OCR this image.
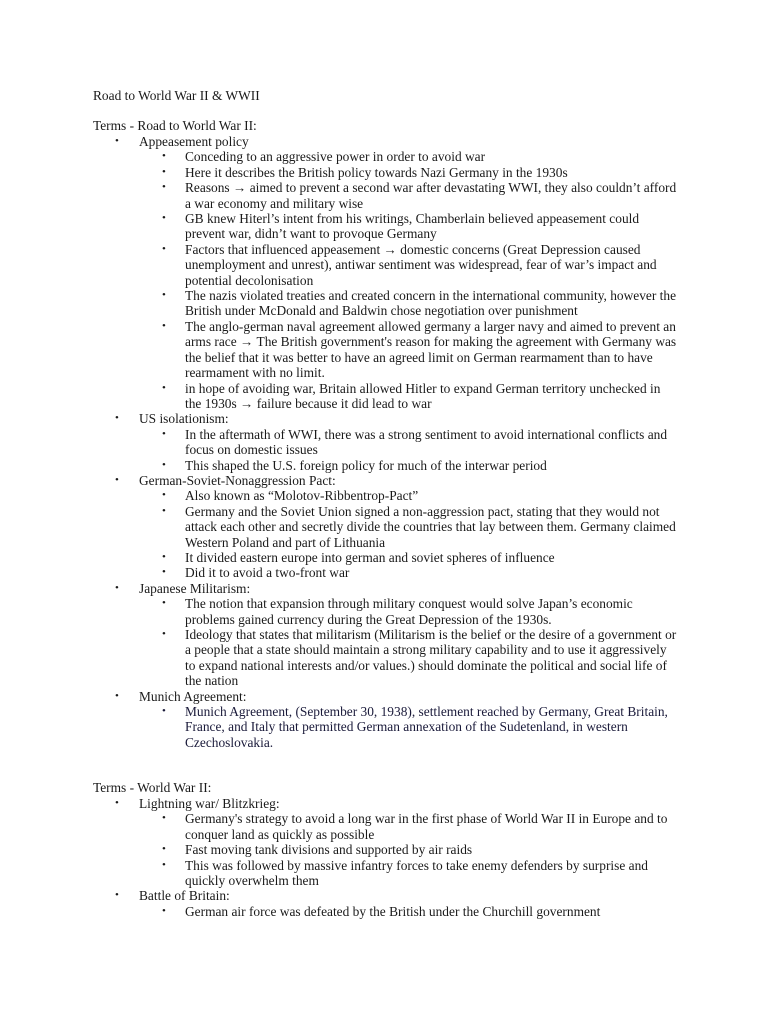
Road to World War II & WWII
Terms - Road to World War II:
• Appeasement policy
• Conceding to an aggressive power in order to avoid war
• Here it describes the British policy towards Nazi Germany in the 1930s
• Reasons → aimed to prevent a second war after devastating WWI, they also couldn’t afford a war economy and military wise
• GB knew Hiterl’s intent from his writings, Chamberlain believed appeasement could prevent war, didn’t want to provoque Germany
• Factors that influenced appeasement → domestic concerns (Great Depression caused unemployment and unrest), antiwar sentiment was widespread, fear of war’s impact and potential decolonisation
• The nazis violated treaties and created concern in the international community, however the British under McDonald and Baldwin chose negotiation over punishment
• The anglo-german naval agreement allowed germany a larger navy and aimed to prevent an arms race → The British government's reason for making the agreement with Germany was the belief that it was better to have an agreed limit on German rearmament than to have rearmament with no limit.
• in hope of avoiding war, Britain allowed Hitler to expand German territory unchecked in the 1930s → failure because it did lead to war
• US isolationism:
• In the aftermath of WWI, there was a strong sentiment to avoid international conflicts and focus on domestic issues
• This shaped the U.S. foreign policy for much of the interwar period
• German-Soviet-Nonaggression Pact:
• Also known as “Molotov-Ribbentrop-Pact”
• Germany and the Soviet Union signed a non-aggression pact, stating that they would not attack each other and secretly divide the countries that lay between them. Germany claimed Western Poland and part of Lithuania
• It divided eastern europe into german and soviet spheres of influence
• Did it to avoid a two-front war
• Japanese Militarism:
• The notion that expansion through military conquest would solve Japan’s economic problems gained currency during the Great Depression of the 1930s.
• Ideology that states that militarism (Militarism is the belief or the desire of a government or a people that a state should maintain a strong military capability and to use it aggressively to expand national interests and/or values.) should dominate the political and social life of the nation
• Munich Agreement:
• Munich Agreement, (September 30, 1938), settlement reached by Germany, Great Britain, France, and Italy that permitted German annexation of the Sudetenland, in western Czechoslovakia.
Terms - World War II:
• Lightning war/ Blitzkrieg:
• Germany's strategy to avoid a long war in the first phase of World War II in Europe and to conquer land as quickly as possible
• Fast moving tank divisions and supported by air raids
• This was followed by massive infantry forces to take enemy defenders by surprise and quickly overwhelm them
• Battle of Britain:
• German air force was defeated by the British under the Churchill government
